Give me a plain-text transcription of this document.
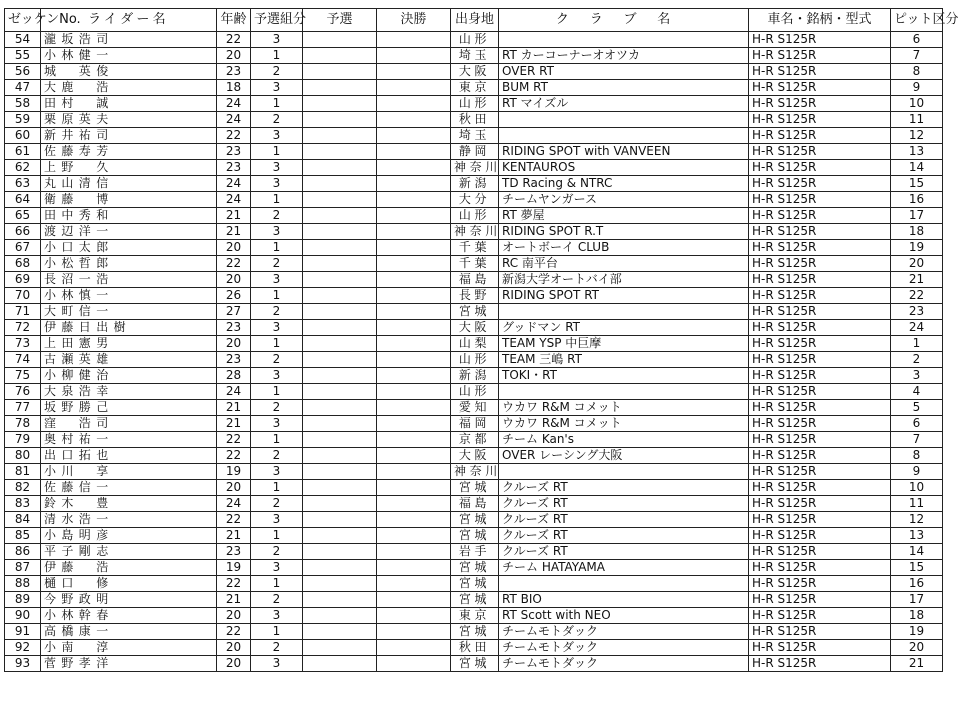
ゼッケンNo.	ライダー名	年齢	予選組分	予選	決勝	出身地	クラブ名	車名・銘柄・型式	ピット区分
54	瀧坂浩司	22	3			山形		H-R S125R	6
55	小林健一	20	1			埼玉	RT カーコーナーオオツカ	H-R S125R	7
56	城　英俊	23	2			大阪	OVER RT	H-R S125R	8
47	大鹿　浩	18	3			東京	BUM RT	H-R S125R	9
58	田村　誠	24	1			山形	RT マイズル	H-R S125R	10
59	栗原英夫	24	2			秋田		H-R S125R	11
60	新井祐司	22	3			埼玉		H-R S125R	12
61	佐藤寿芳	23	1			静岡	RIDING SPOT with VANVEEN	H-R S125R	13
62	上野　久	23	3			神奈川	KENTAUROS	H-R S125R	14
63	丸山清信	24	3			新潟	TD Racing & NTRC	H-R S125R	15
64	衛藤　博	24	1			大分	チームヤンガース	H-R S125R	16
65	田中秀和	21	2			山形	RT 夢屋	H-R S125R	17
66	渡辺洋一	21	3			神奈川	RIDING SPOT R.T	H-R S125R	18
67	小口太郎	20	1			千葉	オートボーイ CLUB	H-R S125R	19
68	小松哲郎	22	2			千葉	RC 南平台	H-R S125R	20
69	長沼一浩	20	3			福島	新潟大学オートバイ部	H-R S125R	21
70	小林慎一	26	1			長野	RIDING SPOT RT	H-R S125R	22
71	大町信一	27	2			宮城		H-R S125R	23
72	伊藤日出樹	23	3			大阪	グッドマン RT	H-R S125R	24
73	上田憲男	20	1			山梨	TEAM YSP 中巨摩	H-R S125R	1
74	古瀬英雄	23	2			山形	TEAM 三嶋 RT	H-R S125R	2
75	小柳健治	28	3			新潟	TOKI・RT	H-R S125R	3
76	大泉浩幸	24	1			山形		H-R S125R	4
77	坂野勝己	21	2			愛知	ウカワ R&M コメット	H-R S125R	5
78	窪　浩司	21	3			福岡	ウカワ R&M コメット	H-R S125R	6
79	奥村祐一	22	1			京都	チーム Kan's	H-R S125R	7
80	出口拓也	22	2			大阪	OVER レーシング大阪	H-R S125R	8
81	小川　享	19	3			神奈川		H-R S125R	9
82	佐藤信一	20	1			宮城	クルーズ RT	H-R S125R	10
83	鈴木　豊	24	2			福島	クルーズ RT	H-R S125R	11
84	清水浩一	22	3			宮城	クルーズ RT	H-R S125R	12
85	小島明彦	21	1			宮城	クルーズ RT	H-R S125R	13
86	平子剛志	23	2			岩手	クルーズ RT	H-R S125R	14
87	伊藤　浩	19	3			宮城	チーム HATAYAMA	H-R S125R	15
88	樋口　修	22	1			宮城		H-R S125R	16
89	今野政明	21	2			宮城	RT BIO	H-R S125R	17
90	小林幹春	20	3			東京	RT Scott with NEO	H-R S125R	18
91	高橋康一	22	1			宮城	チームモトダック	H-R S125R	19
92	小南　淳	20	2			秋田	チームモトダック	H-R S125R	20
93	菅野孝洋	20	3			宮城	チームモトダック	H-R S125R	21
